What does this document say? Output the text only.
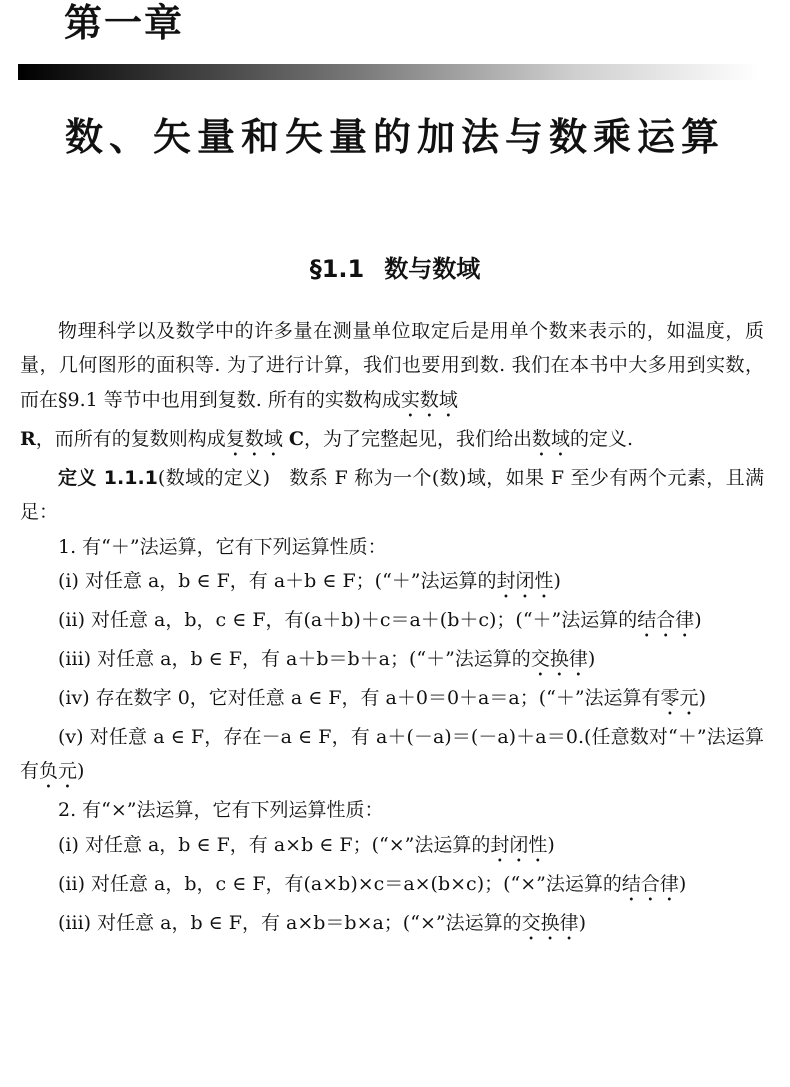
第一章
数、矢量和矢量的加法与数乘运算
§1.1 数与数域

物理科学以及数学中的许多量在测量单位取定后是用单个数来表示的，如温度，质量，几何图形的面积等. 为了进行计算，我们也要用到数. 我们在本书中大多用到实数，而在§9.1 等节中也用到复数. 所有的实数构成实数域
R，而所有的复数则构成复数域 C，为了完整起见，我们给出数域的定义.

定义 1.1.1(数域的定义) 数系 F 称为一个(数)域，如果 F 至少有两个元素，且满足：

1. 有“＋”法运算，它有下列运算性质：

(i) 对任意 a，b ∈ F，有 a＋b ∈ F；(“＋”法运算的封闭性)

(ii) 对任意 a，b，c ∈ F，有(a＋b)＋c＝a＋(b＋c)；(“＋”法运算的结合律)

(iii) 对任意 a，b ∈ F，有 a＋b＝b＋a；(“＋”法运算的交换律)

(iv) 存在数字 0，它对任意 a ∈ F，有 a＋0＝0＋a＝a；(“＋”法运算有零元)

(v) 对任意 a ∈ F，存在－a ∈ F，有 a＋(－a)＝(－a)＋a＝0.(任意数对“＋”法运算有负元)

2. 有“×”法运算，它有下列运算性质：

(i) 对任意 a，b ∈ F，有 a×b ∈ F；(“×”法运算的封闭性)

(ii) 对任意 a，b，c ∈ F，有(a×b)×c＝a×(b×c)；(“×”法运算的结合律)

(iii) 对任意 a，b ∈ F，有 a×b＝b×a；(“×”法运算的交换律)
